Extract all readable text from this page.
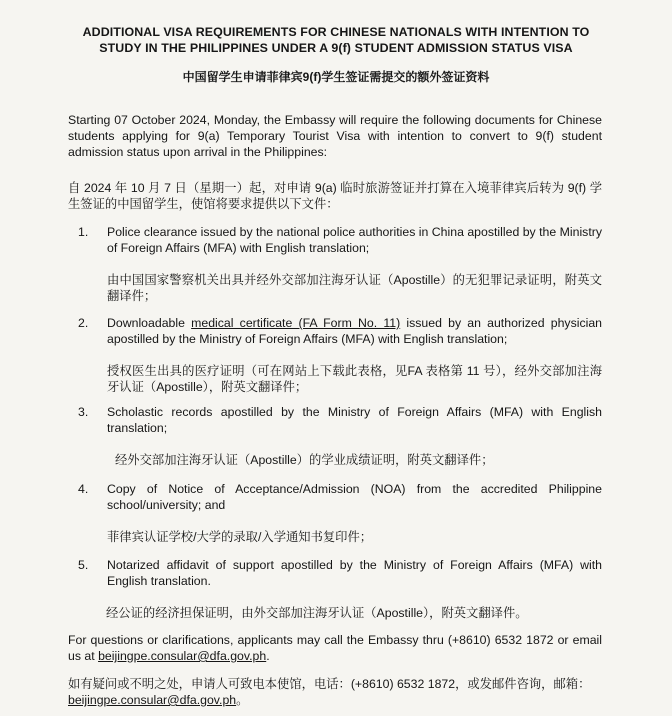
ADDITIONAL VISA REQUIREMENTS FOR CHINESE NATIONALS WITH INTENTION TO
STUDY IN THE PHILIPPINES UNDER A 9(f) STUDENT ADMISSION STATUS VISA
中国留学生申请菲律宾9(f)学生签证需提交的额外签证资料
Starting 07 October 2024, Monday, the Embassy will require the following documents for Chinese students applying for 9(a) Temporary Tourist Visa with intention to convert to 9(f) student admission status upon arrival in the Philippines:
自 2024 年 10 月 7 日（星期一）起，对申请 9(a) 临时旅游签证并打算在入境菲律宾后转为 9(f) 学生签证的中国留学生，使馆将要求提供以下文件：
1.	Police clearance issued by the national police authorities in China apostilled by the Ministry of Foreign Affairs (MFA) with English translation;
由中国国家警察机关出具并经外交部加注海牙认证（Apostille）的无犯罪记录证明，附英文翻译件；
2.	Downloadable medical certificate (FA Form No. 11) issued by an authorized physician apostilled by the Ministry of Foreign Affairs (MFA) with English translation;
授权医生出具的医疗证明（可在网站上下载此表格，见FA 表格第 11 号），经外交部加注海牙认证（Apostille），附英文翻译件；
3.	Scholastic records apostilled by the Ministry of Foreign Affairs (MFA) with English translation;
经外交部加注海牙认证（Apostille）的学业成绩证明，附英文翻译件；
4.	Copy of Notice of Acceptance/Admission (NOA) from the accredited Philippine school/university; and
菲律宾认证学校/大学的录取/入学通知书复印件；
5.	Notarized affidavit of support apostilled by the Ministry of Foreign Affairs (MFA) with English translation.
经公证的经济担保证明，由外交部加注海牙认证（Apostille），附英文翻译件。
For questions or clarifications, applicants may call the Embassy thru (+8610) 6532 1872 or email us at beijingpe.consular@dfa.gov.ph.
如有疑问或不明之处，申请人可致电本使馆，电话：(+8610) 6532 1872，或发邮件咨询，邮箱：beijingpe.consular@dfa.gov.ph。
